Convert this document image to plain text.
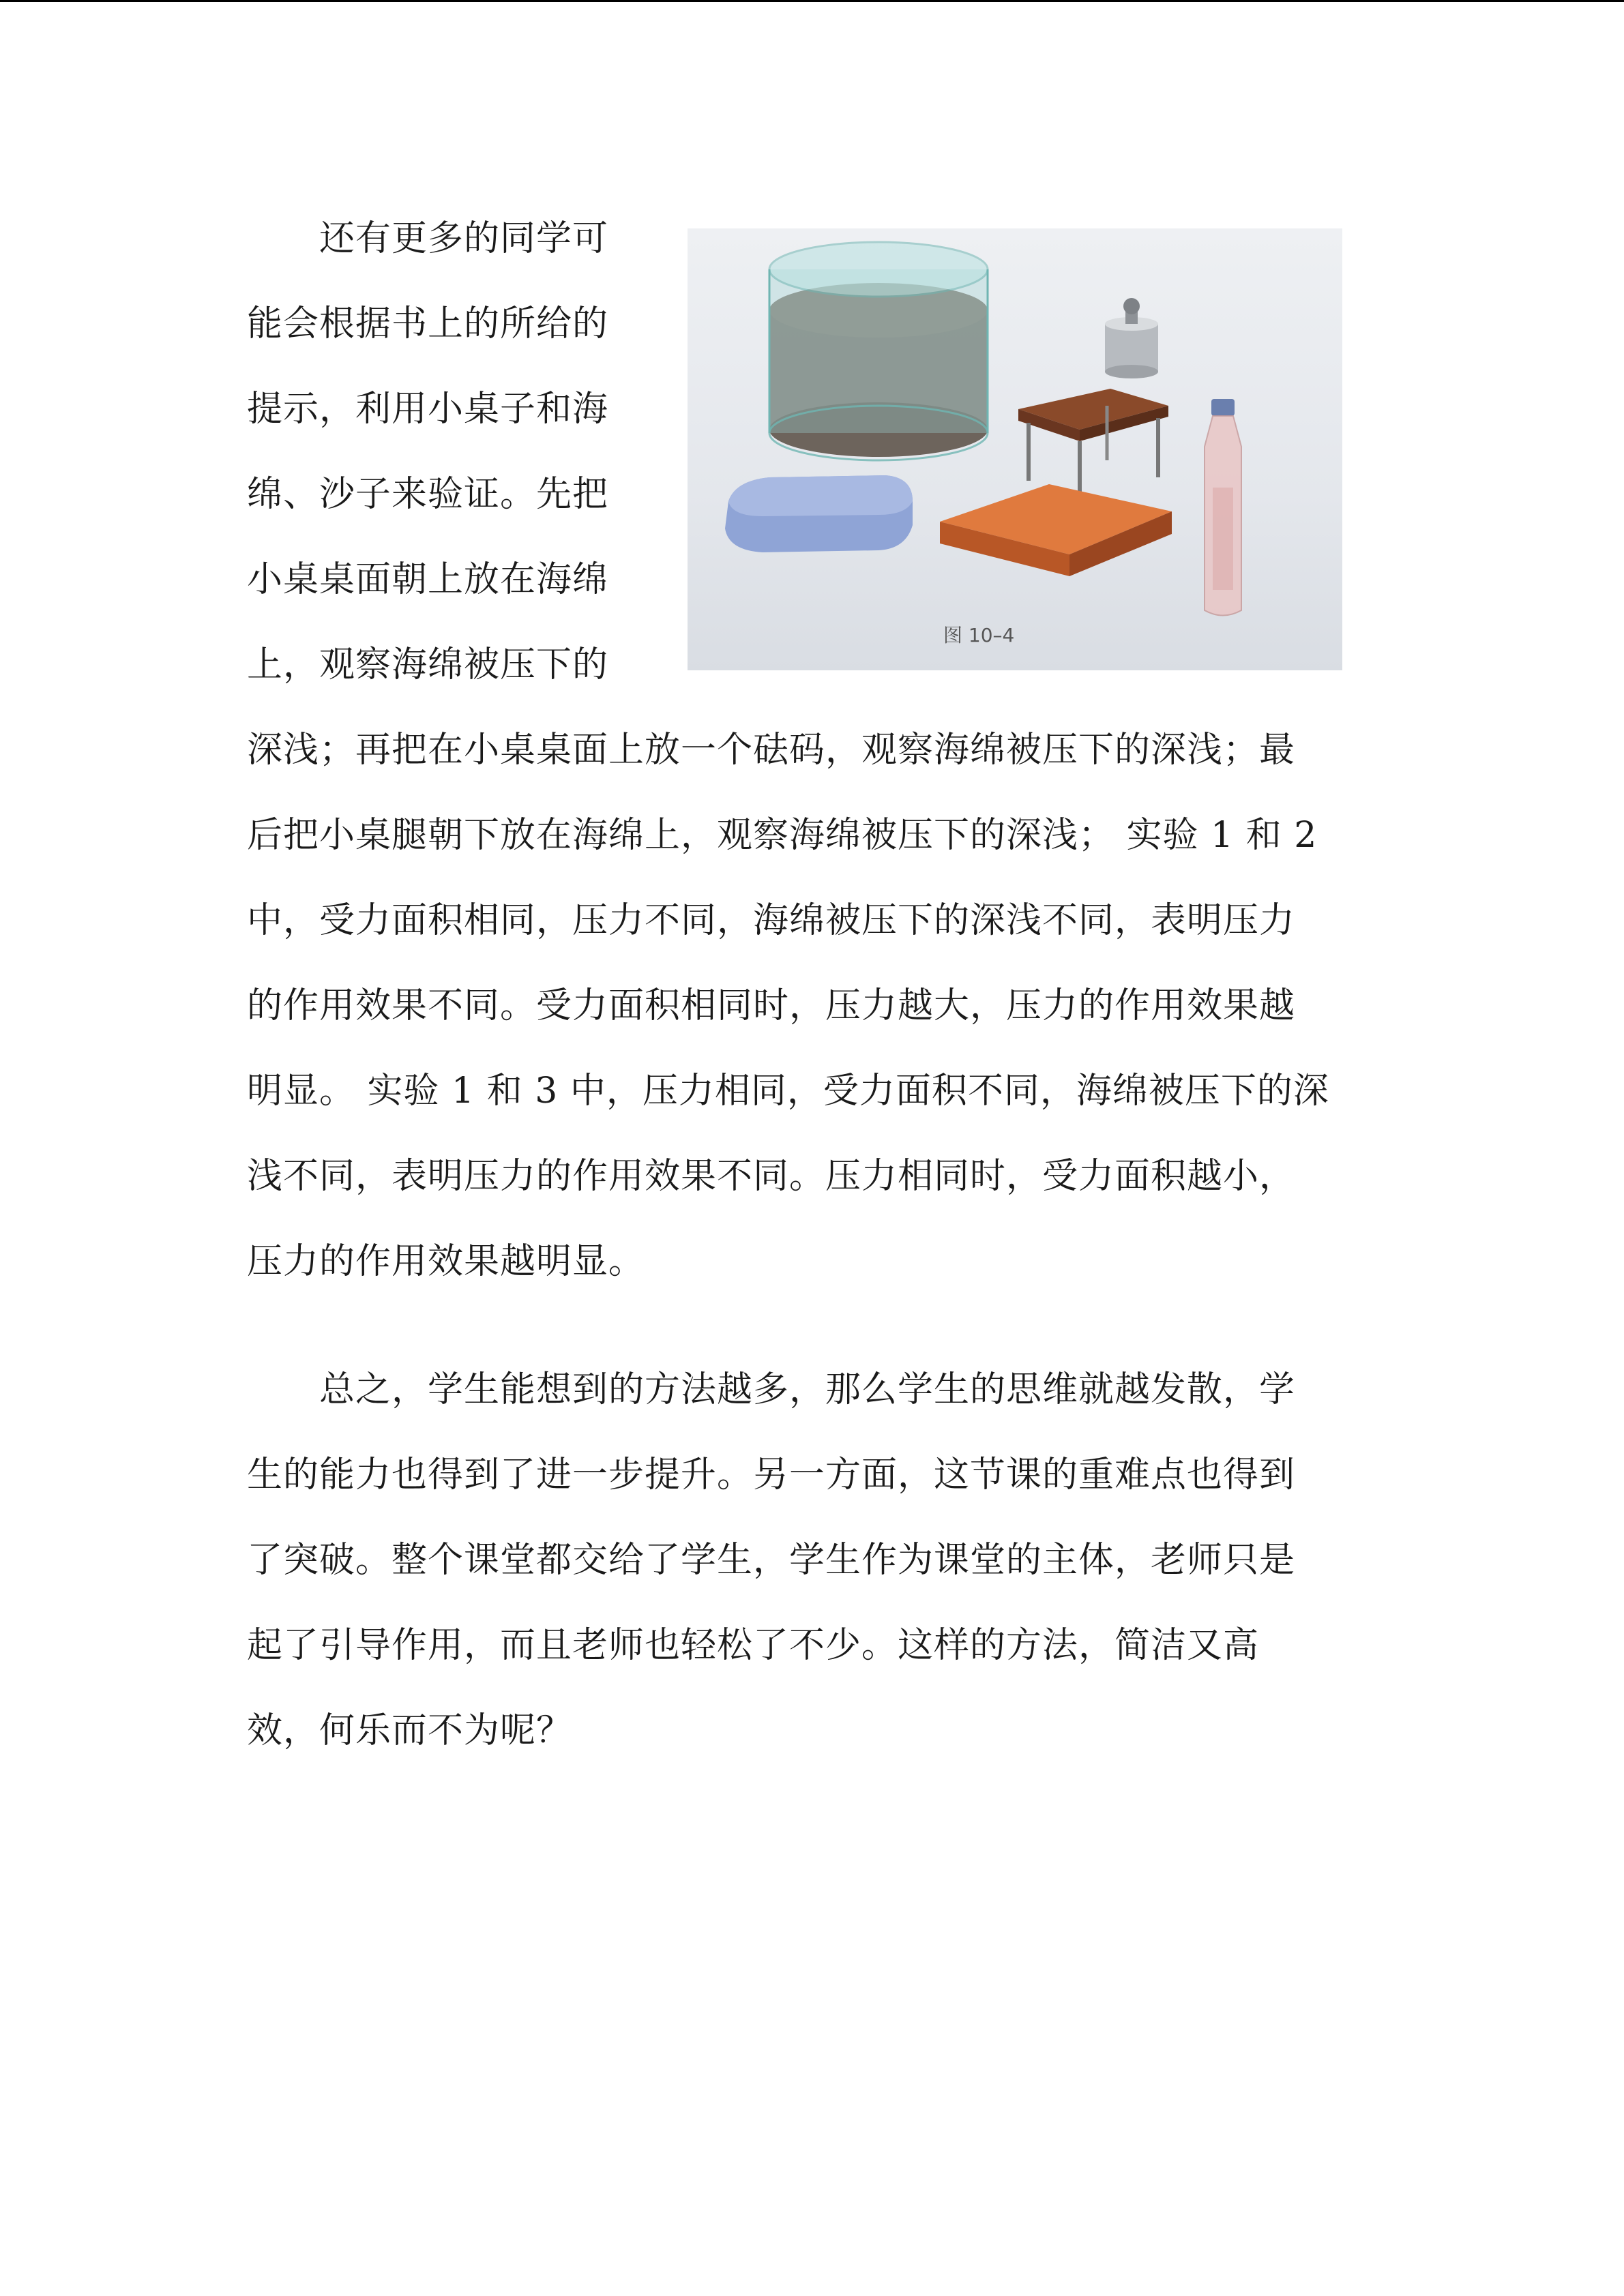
图 10–4
还有更多的同学可
能会根据书上的所给的
提示，利用小桌子和海
绵、沙子来验证。先把
小桌桌面朝上放在海绵
上，观察海绵被压下的
深浅；再把在小桌桌面上放一个砝码，观察海绵被压下的深浅；最
后把小桌腿朝下放在海绵上，观察海绵被压下的深浅； 实验 1 和 2
中，受力面积相同，压力不同，海绵被压下的深浅不同，表明压力
的作用效果不同。受力面积相同时，压力越大，压力的作用效果越
明显。 实验 1 和 3 中，压力相同，受力面积不同，海绵被压下的深
浅不同，表明压力的作用效果不同。压力相同时，受力面积越小，
压力的作用效果越明显。
总之，学生能想到的方法越多，那么学生的思维就越发散，学
生的能力也得到了进一步提升。另一方面，这节课的重难点也得到
了突破。整个课堂都交给了学生，学生作为课堂的主体，老师只是
起了引导作用，而且老师也轻松了不少。这样的方法，简洁又高
效，何乐而不为呢？
